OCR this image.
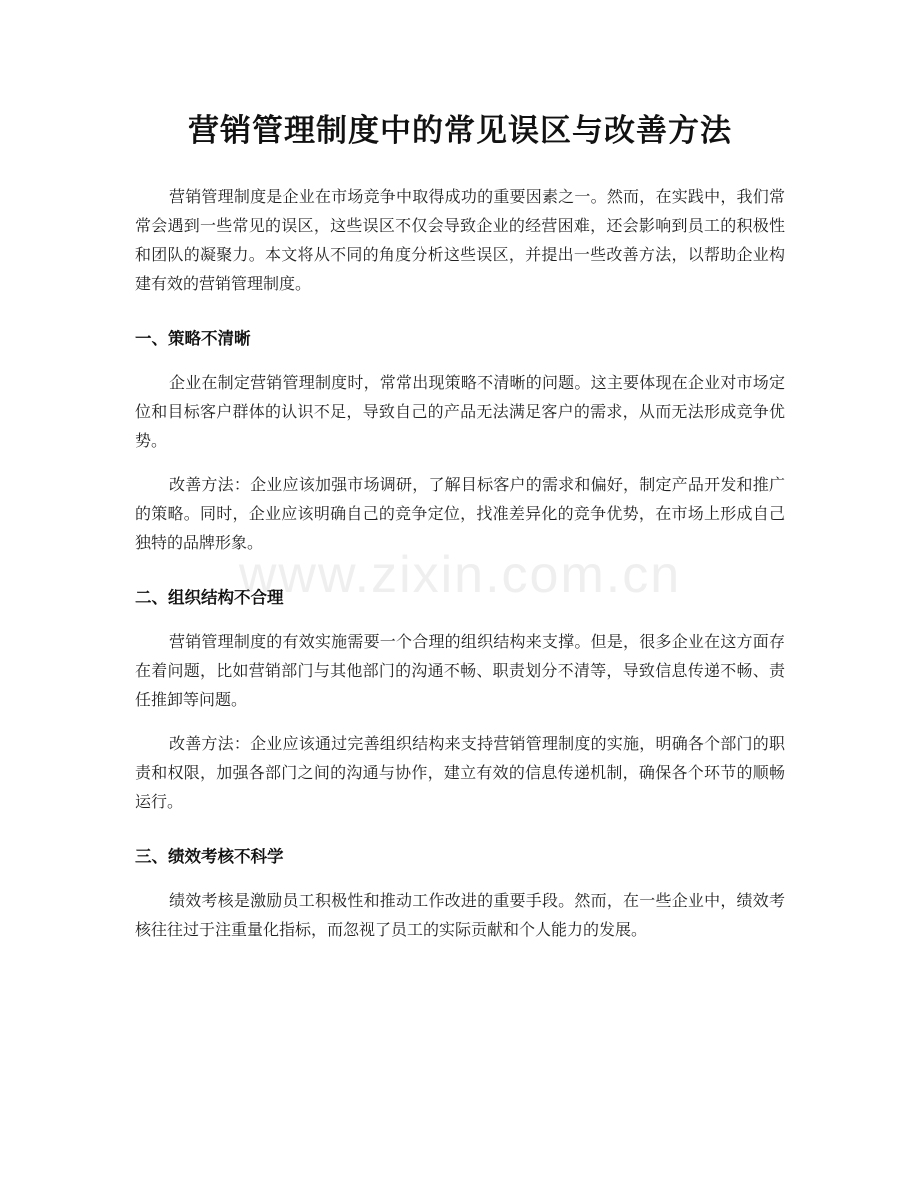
营销管理制度中的常见误区与改善方法

营销管理制度是企业在市场竞争中取得成功的重要因素之一。然而，在实践中，我们常常会遇到一些常见的误区，这些误区不仅会导致企业的经营困难，还会影响到员工的积极性和团队的凝聚力。本文将从不同的角度分析这些误区，并提出一些改善方法，以帮助企业构建有效的营销管理制度。

一、策略不清晰

企业在制定营销管理制度时，常常出现策略不清晰的问题。这主要体现在企业对市场定位和目标客户群体的认识不足，导致自己的产品无法满足客户的需求，从而无法形成竞争优势。

改善方法：企业应该加强市场调研，了解目标客户的需求和偏好，制定产品开发和推广的策略。同时，企业应该明确自己的竞争定位，找准差异化的竞争优势，在市场上形成自己独特的品牌形象。

二、组织结构不合理

营销管理制度的有效实施需要一个合理的组织结构来支撑。但是，很多企业在这方面存在着问题，比如营销部门与其他部门的沟通不畅、职责划分不清等，导致信息传递不畅、责任推卸等问题。

改善方法：企业应该通过完善组织结构来支持营销管理制度的实施，明确各个部门的职责和权限，加强各部门之间的沟通与协作，建立有效的信息传递机制，确保各个环节的顺畅运行。

三、绩效考核不科学

绩效考核是激励员工积极性和推动工作改进的重要手段。然而，在一些企业中，绩效考核往往过于注重量化指标，而忽视了员工的实际贡献和个人能力的发展。

www.zixin.com.cn
